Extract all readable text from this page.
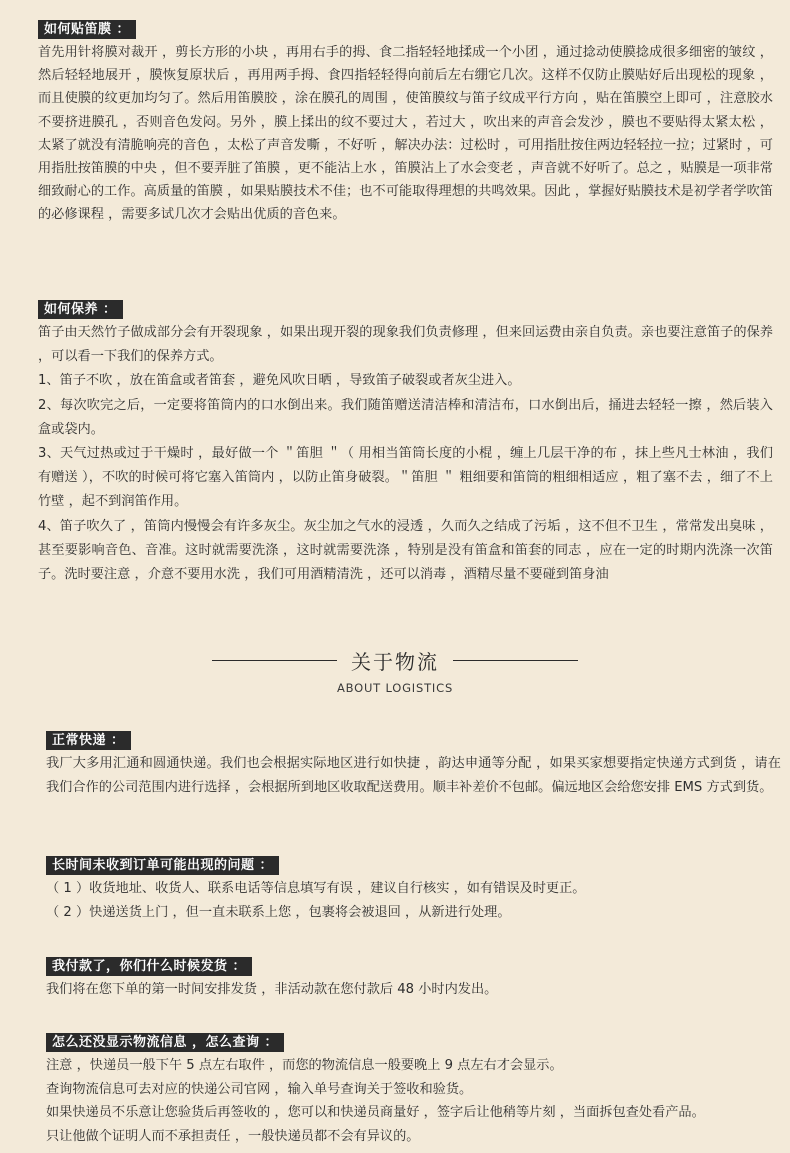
如何贴笛膜 ：

首先用针将膜对裁开 ，剪长方形的小块 ，再用右手的拇、食二指轻轻地揉成一个小团 ，通过捻动使膜捻成很多细密的皱纹 ，然后轻轻地展开 ，膜恢复原状后 ，再用两手拇、食四指轻轻得向前后左右绷它几次。这样不仅防止膜贴好后出现松的现象 ，而且使膜的纹更加均匀了。然后用笛膜胶 ，涂在膜孔的周围 ，使笛膜纹与笛子纹成平行方向 ，贴在笛膜空上即可 ，注意胶水不要挤进膜孔 ，否则音色发闷。另外 ，膜上揉出的纹不要过大 ，若过大 ，吹出来的声音会发沙 ，膜也不要贴得太紧太松 ，太紧了就没有清脆响亮的音色 ，太松了声音发嘶 ，不好听 ，解决办法：过松时 ，可用指肚按住两边轻轻拉一拉；过紧时 ，可用指肚按笛膜的中央 ，但不要弄脏了笛膜 ，更不能沾上水 ，笛膜沾上了水会变老 ，声音就不好听了。总之 ，贴膜是一项非常细致耐心的工作。高质量的笛膜 ，如果贴膜技术不佳；也不可能取得理想的共鸣效果。因此 ，掌握好贴膜技术是初学者学吹笛的必修课程 ，需要多试几次才会贴出优质的音色来。

如何保养 ：

笛子由天然竹子做成部分会有开裂现象 ，如果出现开裂的现象我们负责修理 ，但来回运费由亲自负责。亲也要注意笛子的保养 ，可以看一下我们的保养方式。

1、笛子不吹 ，放在笛盒或者笛套 ，避免风吹日晒 ，导致笛子破裂或者灰尘进入。

2、每次吹完之后，一定要将笛筒内的口水倒出来。我们随笛赠送清洁棒和清洁布，口水倒出后，捅进去轻轻一擦 ，然后装入盒或袋内。

3、天气过热或过于干燥时 ，最好做一个 ＂笛胆 ＂（ 用相当笛筒长度的小棍 ，缠上几层干净的布 ，抹上些凡士林油 ，我们有赠送 ），不吹的时候可将它塞入笛筒内 ，以防止笛身破裂。＂笛胆 ＂ 粗细要和笛筒的粗细相适应 ，粗了塞不去 ，细了不上竹壁 ，起不到润笛作用。

4、笛子吹久了 ，笛筒内慢慢会有许多灰尘。灰尘加之气水的浸透 ，久而久之结成了污垢 ，这不但不卫生 ，常常发出臭味 ，甚至要影响音色、音准。这时就需要洗涤 ，这时就需要洗涤 ，特别是没有笛盒和笛套的同志 ，应在一定的时期内洗涤一次笛子。洗时要注意 ，介意不要用水洗 ，我们可用酒精清洗 ，还可以消毒 ，酒精尽量不要碰到笛身油

关于物流
ABOUT LOGISTICS
正常快递 ：

我厂大多用汇通和圆通快递。我们也会根据实际地区进行如快捷 ，韵达申通等分配 ，如果买家想要指定快递方式到货 ，请在我们合作的公司范围内进行选择 ，会根据所到地区收取配送费用。顺丰补差价不包邮。偏远地区会给您安排 EMS 方式到货。

长时间未收到订单可能出现的问题 ：

（ 1 ）收货地址、收货人、联系电话等信息填写有误 ，建议自行核实 ，如有错误及时更正。

（ 2 ）快递送货上门 ，但一直未联系上您 ，包裹将会被退回 ，从新进行处理。

我付款了，你们什么时候发货 ：

我们将在您下单的第一时间安排发货 ，非活动款在您付款后 48 小时内发出。

怎么还没显示物流信息 ，怎么查询 ：

注意 ，快递员一般下午 5 点左右取件 ，而您的物流信息一般要晚上 9 点左右才会显示。

查询物流信息可去对应的快递公司官网 ，输入单号查询关于签收和验货。

如果快递员不乐意让您验货后再签收的 ，您可以和快递员商量好 ，签字后让他稍等片刻 ，当面拆包查处看产品。

只让他做个证明人而不承担责任 ，一般快递员都不会有异议的。
